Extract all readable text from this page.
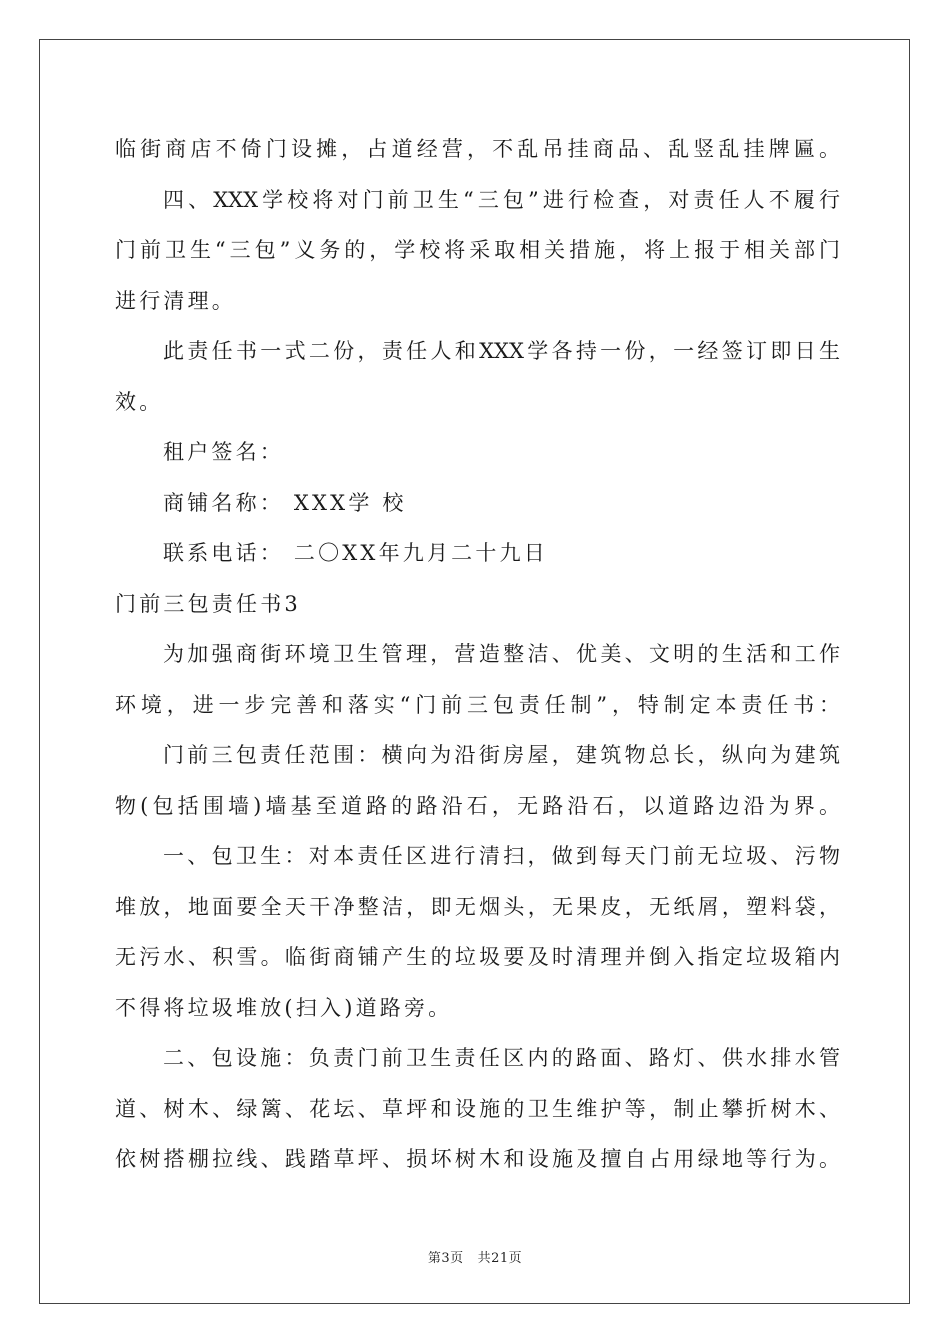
临街商店不倚门设摊，占道经营，不乱吊挂商品、乱竖乱挂牌匾。
四、XXX学校将对门前卫生“三包”进行检查，对责任人不履行
门前卫生“三包”义务的，学校将采取相关措施，将上报于相关部门
进行清理。
此责任书一式二份，责任人和XXX学各持一份，一经签订即日生
效。
租户签名：
商铺名称： XXX学 校
联系电话： 二〇XX年九月二十九日
门前三包责任书3
为加强商街环境卫生管理，营造整洁、优美、文明的生活和工作
环境，进一步完善和落实“门前三包责任制”，特制定本责任书：
门前三包责任范围：横向为沿街房屋，建筑物总长，纵向为建筑
物(包括围墙)墙基至道路的路沿石，无路沿石，以道路边沿为界。
一、包卫生：对本责任区进行清扫，做到每天门前无垃圾、污物
堆放，地面要全天干净整洁，即无烟头，无果皮，无纸屑，塑料袋，
无污水、积雪。临街商铺产生的垃圾要及时清理并倒入指定垃圾箱内
不得将垃圾堆放(扫入)道路旁。
二、包设施：负责门前卫生责任区内的路面、路灯、供水排水管
道、树木、绿篱、花坛、草坪和设施的卫生维护等，制止攀折树木、
依树搭棚拉线、践踏草坪、损坏树木和设施及擅自占用绿地等行为。
第3页 共21页
